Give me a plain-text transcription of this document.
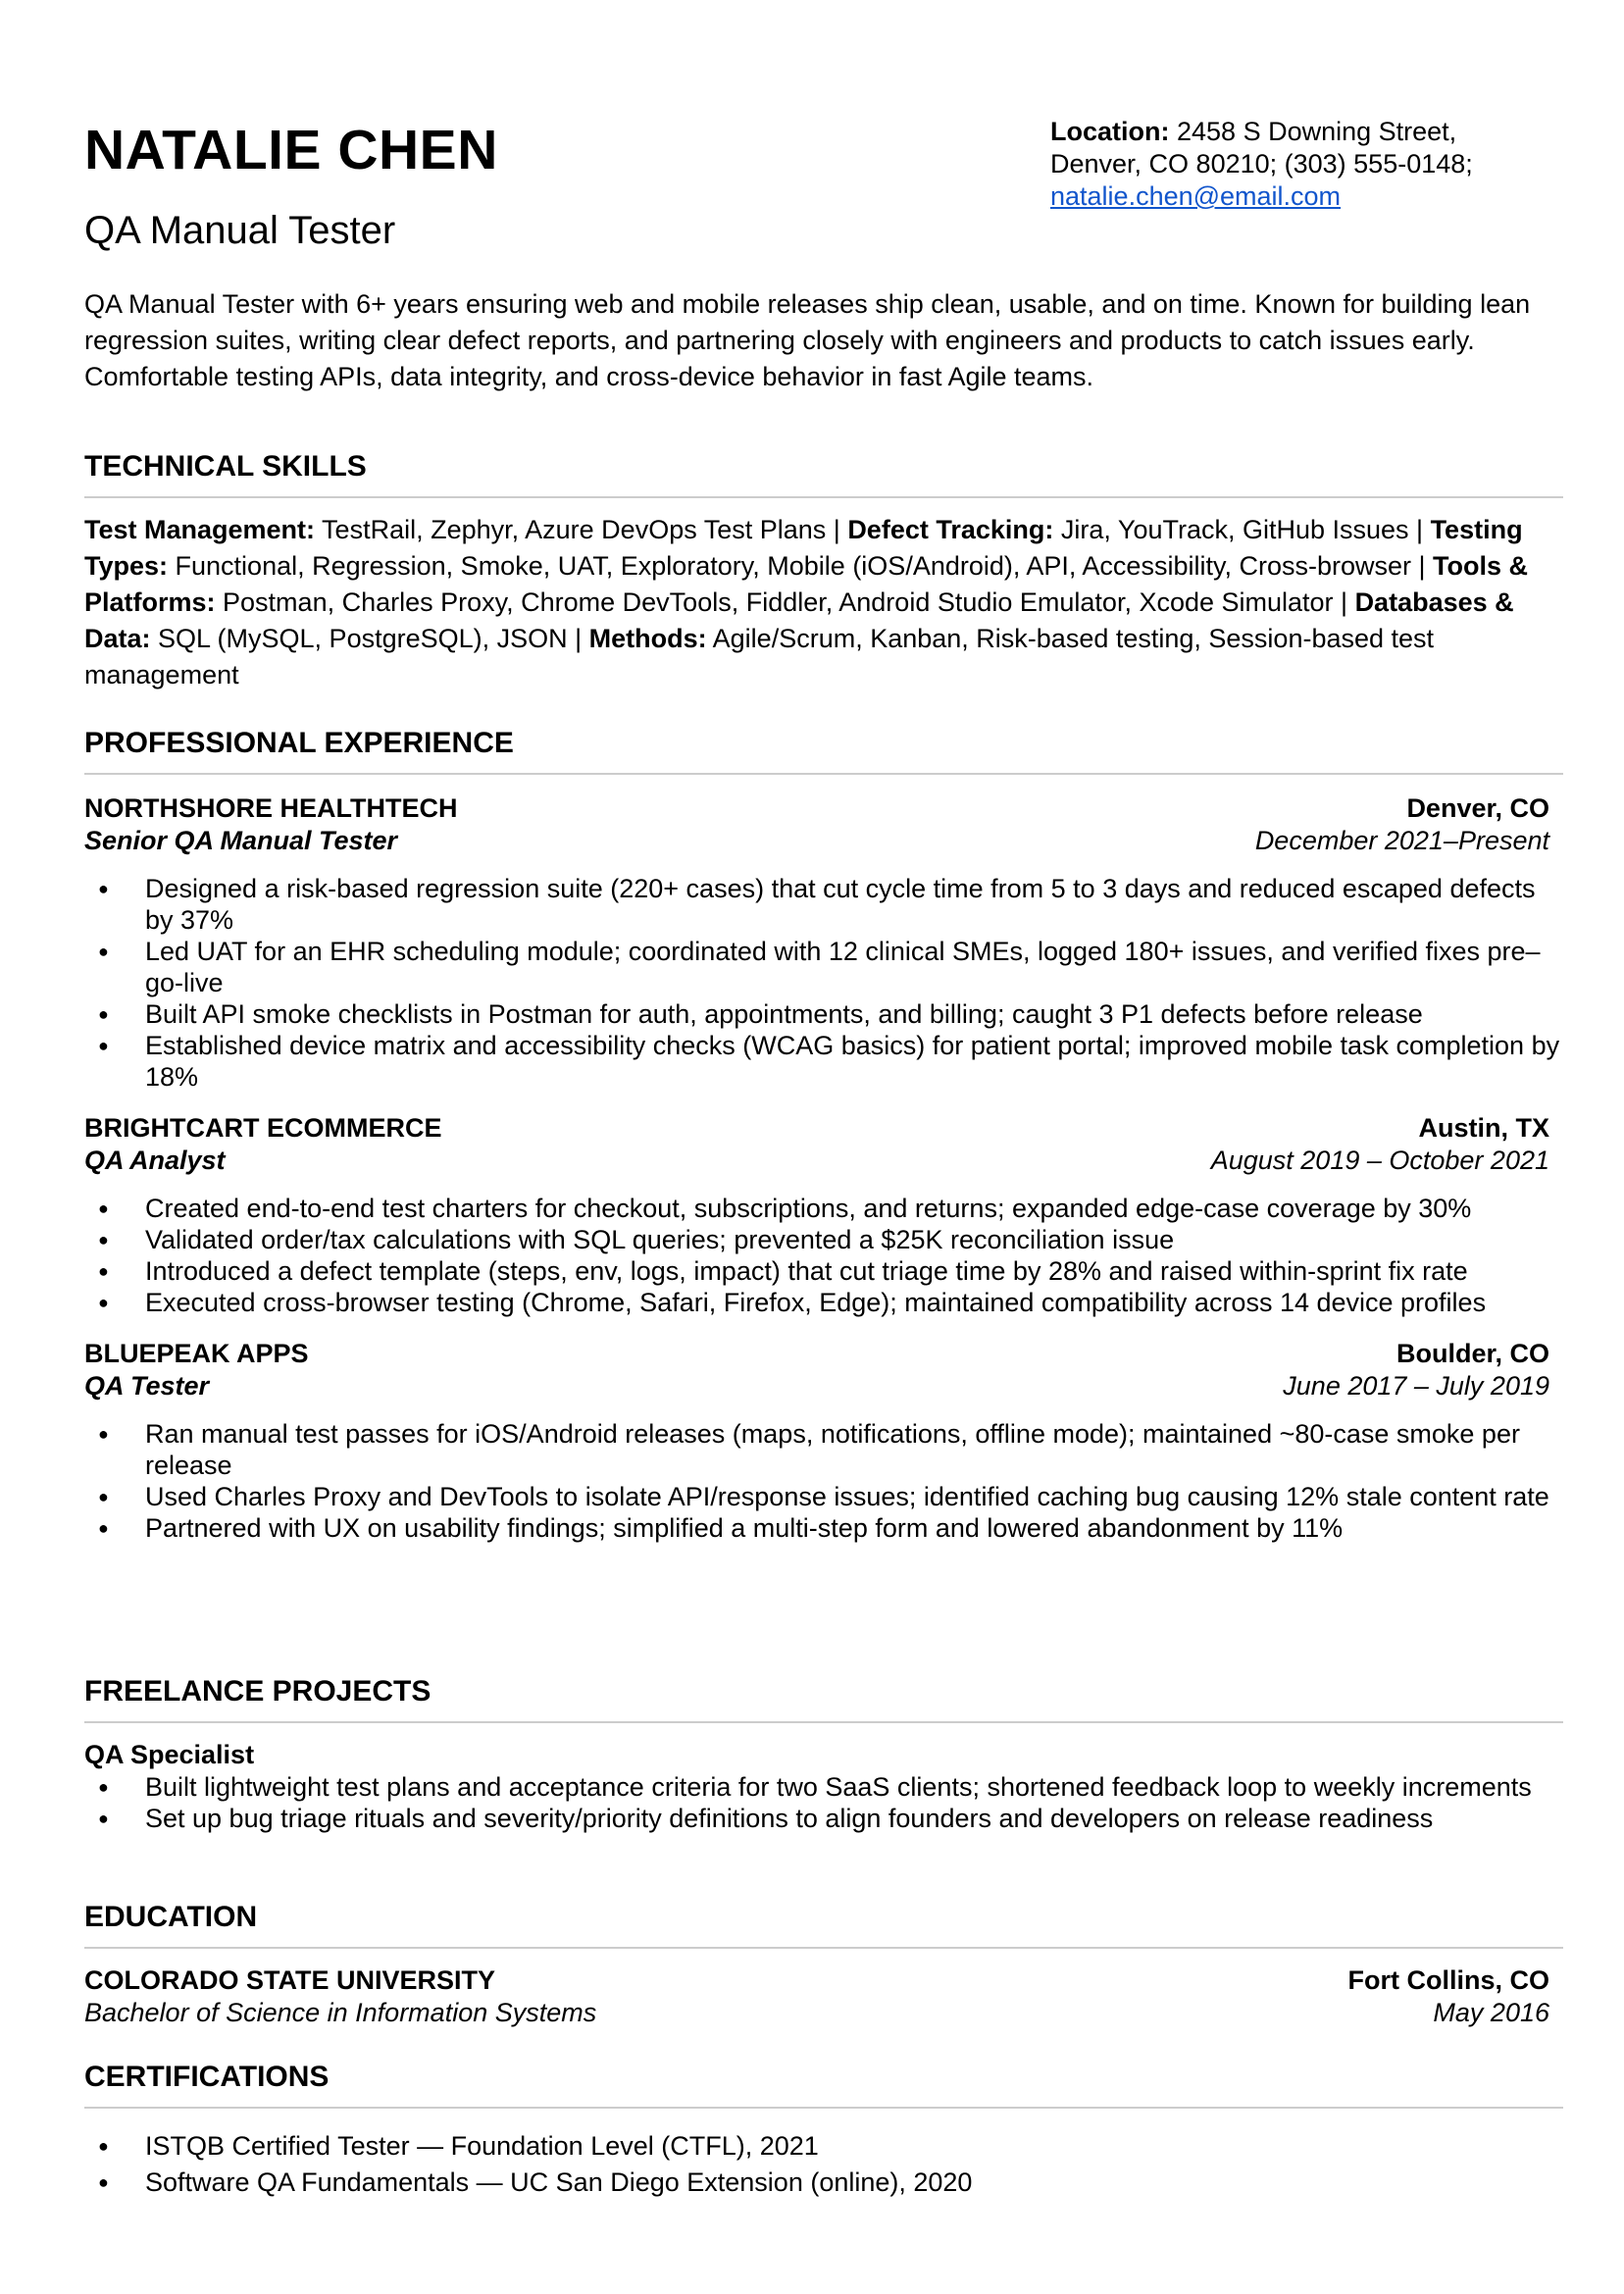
NATALIE CHEN
QA Manual Tester
Location: 2458 S Downing Street,
Denver, CO 80210; (303) 555-0148;
natalie.chen@email.com

QA Manual Tester with 6+ years ensuring web and mobile releases ship clean, usable, and on time. Known for building lean regression suites, writing clear defect reports, and partnering closely with engineers and products to catch issues early. Comfortable testing APIs, data integrity, and cross-device behavior in fast Agile teams.

TECHNICAL SKILLS

Test Management: TestRail, Zephyr, Azure DevOps Test Plans | Defect Tracking: Jira, YouTrack, GitHub Issues | Testing Types: Functional, Regression, Smoke, UAT, Exploratory, Mobile (iOS/Android), API, Accessibility, Cross-browser | Tools & Platforms: Postman, Charles Proxy, Chrome DevTools, Fiddler, Android Studio Emulator, Xcode Simulator | Databases & Data: SQL (MySQL, PostgreSQL), JSON | Methods: Agile/Scrum, Kanban, Risk-based testing, Session-based test management

PROFESSIONAL EXPERIENCE
NORTHSHORE HEALTHTECH	Denver, CO
Senior QA Manual Tester	December 2021–Present
● Designed a risk-based regression suite (220+ cases) that cut cycle time from 5 to 3 days and reduced escaped defects by 37%
● Led UAT for an EHR scheduling module; coordinated with 12 clinical SMEs, logged 180+ issues, and verified fixes pre–go-live
● Built API smoke checklists in Postman for auth, appointments, and billing; caught 3 P1 defects before release
● Established device matrix and accessibility checks (WCAG basics) for patient portal; improved mobile task completion by 18%
BRIGHTCART ECOMMERCE	Austin, TX
QA Analyst	August 2019 – October 2021
● Created end-to-end test charters for checkout, subscriptions, and returns; expanded edge-case coverage by 30%
● Validated order/tax calculations with SQL queries; prevented a $25K reconciliation issue
● Introduced a defect template (steps, env, logs, impact) that cut triage time by 28% and raised within-sprint fix rate
● Executed cross-browser testing (Chrome, Safari, Firefox, Edge); maintained compatibility across 14 device profiles
BLUEPEAK APPS	Boulder, CO
QA Tester	June 2017 – July 2019
● Ran manual test passes for iOS/Android releases (maps, notifications, offline mode); maintained ~80-case smoke per release
● Used Charles Proxy and DevTools to isolate API/response issues; identified caching bug causing 12% stale content rate
● Partnered with UX on usability findings; simplified a multi-step form and lowered abandonment by 11%
FREELANCE PROJECTS
QA Specialist
● Built lightweight test plans and acceptance criteria for two SaaS clients; shortened feedback loop to weekly increments
● Set up bug triage rituals and severity/priority definitions to align founders and developers on release readiness
EDUCATION
COLORADO STATE UNIVERSITY	Fort Collins, CO
Bachelor of Science in Information Systems	May 2016
CERTIFICATIONS
● ISTQB Certified Tester — Foundation Level (CTFL), 2021
● Software QA Fundamentals — UC San Diego Extension (online), 2020
